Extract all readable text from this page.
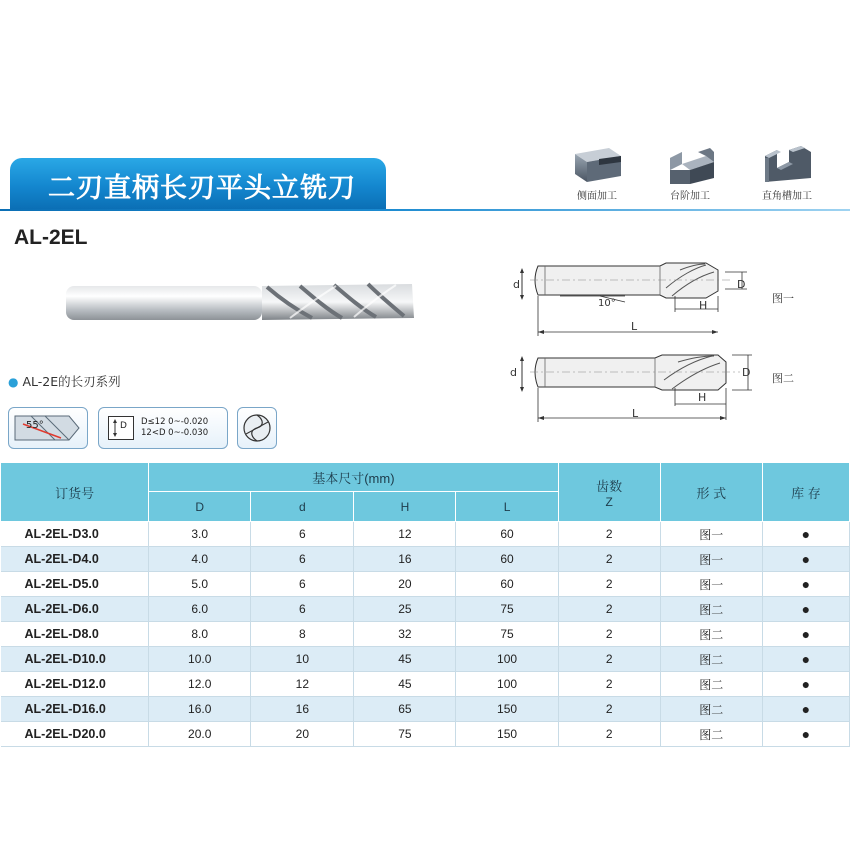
二刃直柄长刃平头立铣刀
AL-2EL
侧面加工	台阶加工	直角槽加工
● AL-2E的长刃系列
55°	D D≤12 0~-0.020
12<D 0~-0.030
d	D
10°	H
L
图一
d	D
H
L
图二
订货号	基本尺寸(mm)				齿数
Z	形 式	库 存
	D	d	H	L			
AL-2EL-D3.0	3.0	6	12	60	2	图一	●
AL-2EL-D4.0	4.0	6	16	60	2	图一	●
AL-2EL-D5.0	5.0	6	20	60	2	图一	●
AL-2EL-D6.0	6.0	6	25	75	2	图二	●
AL-2EL-D8.0	8.0	8	32	75	2	图二	●
AL-2EL-D10.0	10.0	10	45	100	2	图二	●
AL-2EL-D12.0	12.0	12	45	100	2	图二	●
AL-2EL-D16.0	16.0	16	65	150	2	图二	●
AL-2EL-D20.0	20.0	20	75	150	2	图二	●
